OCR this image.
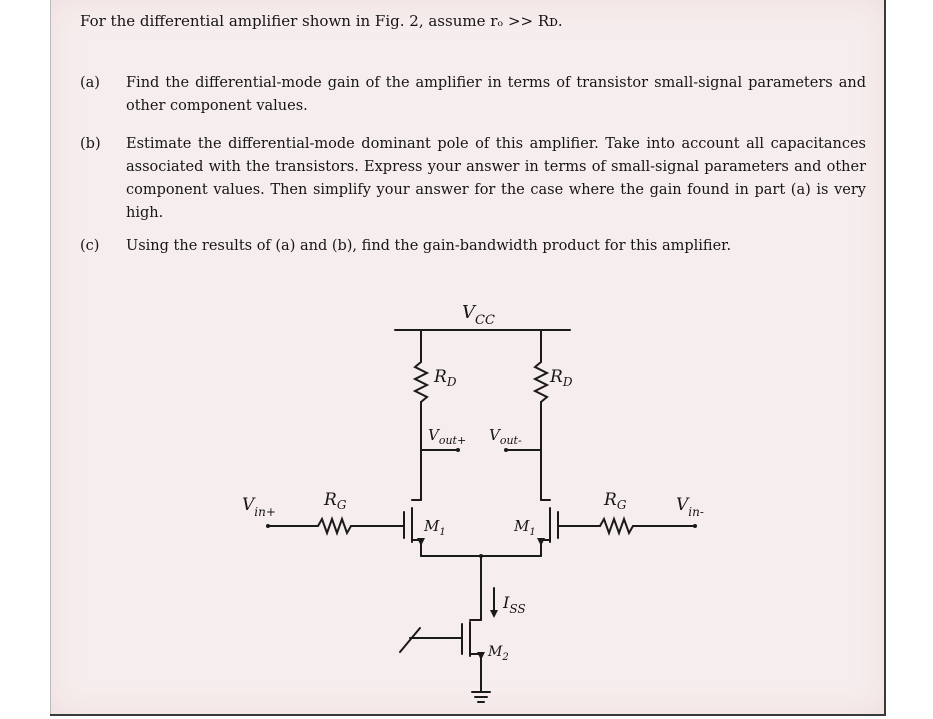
For the differential amplifier shown in Fig. 2, assume rₒ >> Rᴅ.
(a) Find the differential-mode gain of the amplifier in terms of transistor small-signal parameters and other component values.
(b) Estimate the differential-mode dominant pole of this amplifier. Take into account all capacitances associated with the transistors. Express your answer in terms of small-signal parameters and other component values. Then simplify your answer for the case where the gain found in part (a) is very high.
(c) Using the results of (a) and (b), find the gain-bandwidth product for this amplifier.
$V_{CC}$
$R_D$	$R_D$
$V_{out+}$ $V_{out-}$
$V_{in+}$
$R_G$	$R_G$	$V_{in-}$
$M_1$	$M_1$
$I_{SS}$
$M_2$
